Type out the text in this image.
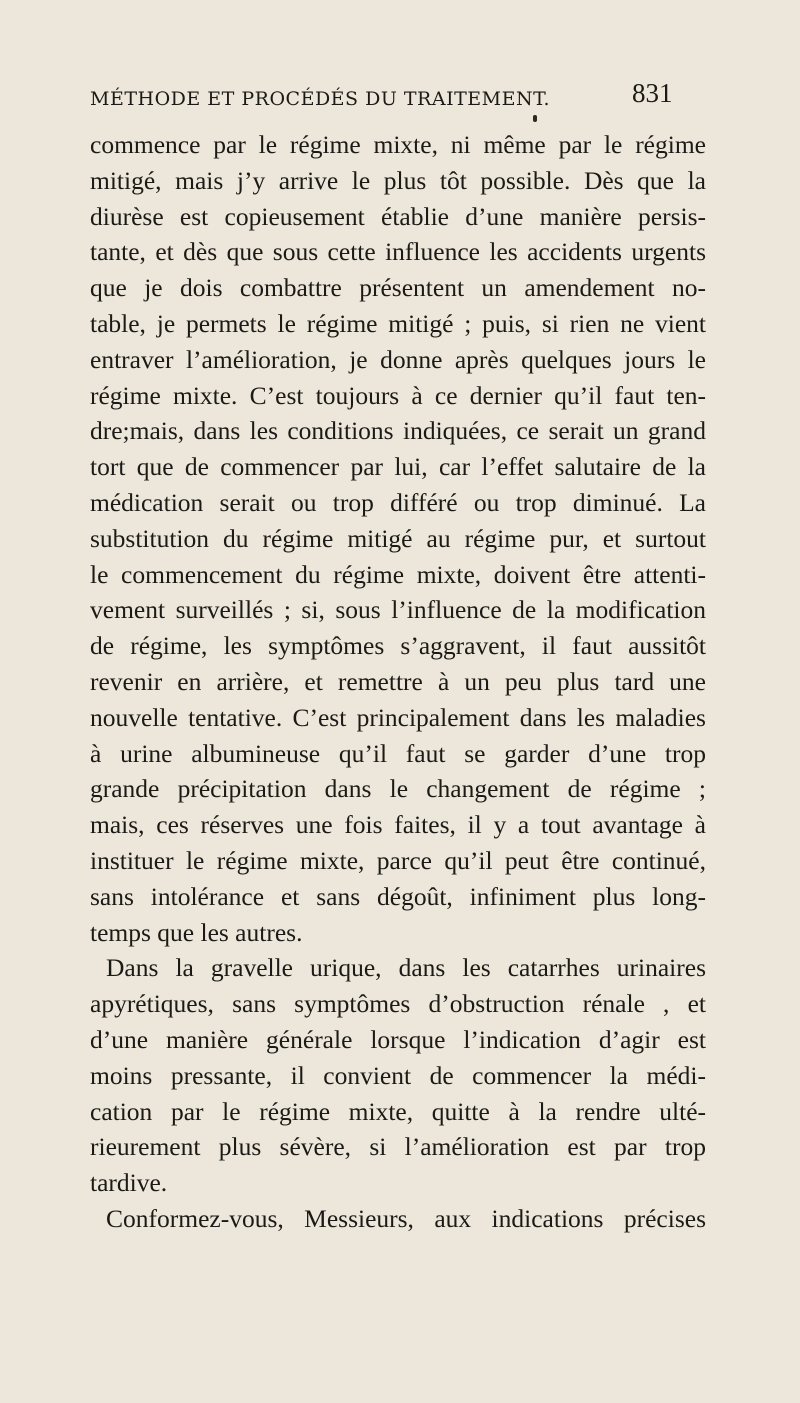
MÉTHODE ET PROCÉDÉS DU TRAITEMENT.	831
commence par le régime mixte, ni même par le régime
mitigé, mais j’y arrive le plus tôt possible. Dès que la
diurèse est copieusement établie d’une manière persis-
tante, et dès que sous cette influence les accidents urgents
que je dois combattre présentent un amendement no-
table, je permets le régime mitigé ; puis, si rien ne vient
entraver l’amélioration, je donne après quelques jours le
régime mixte. C’est toujours à ce dernier qu’il faut ten-
dre;mais, dans les conditions indiquées, ce serait un grand
tort que de commencer par lui, car l’effet salutaire de la
médication serait ou trop différé ou trop diminué. La
substitution du régime mitigé au régime pur, et surtout
le commencement du régime mixte, doivent être attenti-
vement surveillés ; si, sous l’influence de la modification
de régime, les symptômes s’aggravent, il faut aussitôt
revenir en arrière, et remettre à un peu plus tard une
nouvelle tentative. C’est principalement dans les maladies
à urine albumineuse qu’il faut se garder d’une trop
grande précipitation dans le changement de régime ;
mais, ces réserves une fois faites, il y a tout avantage à
instituer le régime mixte, parce qu’il peut être continué,
sans intolérance et sans dégoût, infiniment plus long-
temps que les autres.
Dans la gravelle urique, dans les catarrhes urinaires
apyrétiques, sans symptômes d’obstruction rénale , et
d’une manière générale lorsque l’indication d’agir est
moins pressante, il convient de commencer la médi-
cation par le régime mixte, quitte à la rendre ulté-
rieurement plus sévère, si l’amélioration est par trop
tardive.
Conformez-vous, Messieurs, aux indications précises
